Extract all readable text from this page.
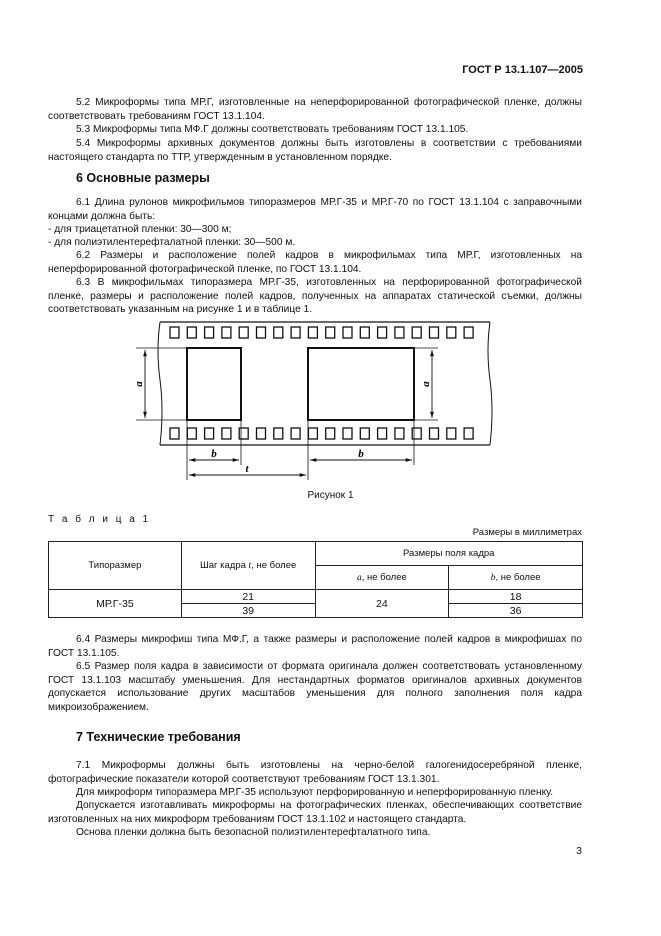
ГОСТ Р 13.1.107—2005

5.2 Микроформы типа МР.Г, изготовленные на неперфорированной фотографической пленке, должны соответствовать требованиям ГОСТ 13.1.104.

5.3 Микроформы типа МФ.Г должны соответствовать требованиям ГОСТ 13.1.105.

5.4 Микроформы архивных документов должны быть изготовлены в соответствии с требованиями настоящего стандарта по ТТР, утвержденным в установленном порядке.

6 Основные размеры

6.1 Длина рулонов микрофильмов типоразмеров МР.Г-35 и МР.Г-70 по ГОСТ 13.1.104 с заправочными концами должна быть:

- для триацетатной пленки: 30—300 м;

- для полиэтилентерефталатной пленки: 30—500 м.

6.2 Размеры и расположение полей кадров в микрофильмах типа МР.Г, изготовленных на неперфорированной фотографической пленке, по ГОСТ 13.1.104.

6.3 В микрофильмах типоразмера МР.Г-35, изготовленных на перфорированной фотографической пленке, размеры и расположение полей кадров, полученных на аппаратах статической съемки, должны соответствовать указанным на рисунке 1 и в таблице 1.

a	a
b	b
t
Рисунок 1
Т а б л и ц а 1
Размеры в миллиметрах
Типоразмер	Шаг кадра t, не более	Размеры поля кадра	
		a, не более	b, не более
МР.Г-35	21	24	18
	39		36

6.4 Размеры микрофиш типа МФ.Г, а также размеры и расположение полей кадров в микрофишах по ГОСТ 13.1.105.

6.5 Размер поля кадра в зависимости от формата оригинала должен соответствовать установленному ГОСТ 13.1.103 масштабу уменьшения. Для нестандартных форматов оригиналов архивных документов допускается использование других масштабов уменьшения для полного заполнения поля кадра микроизображением.

7 Технические требования

7.1 Микроформы должны быть изготовлены на черно-белой галогенидосеребряной пленке, фотографические показатели которой соответствуют требованиям ГОСТ 13.1.301.

Для микроформ типоразмера МР.Г-35 используют перфорированную и неперфорированную пленку.

Допускается изготавливать микроформы на фотографических пленках, обеспечивающих соответствие изготовленных на них микроформ требованиям ГОСТ 13.1.102 и настоящего стандарта.

Основа пленки должна быть безопасной полиэтилентерефталатного типа.

3
